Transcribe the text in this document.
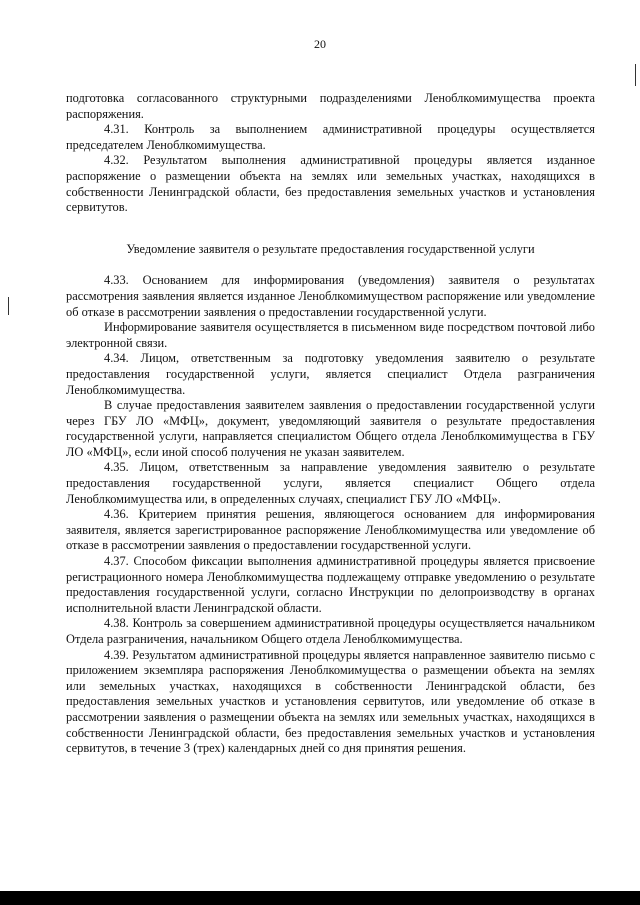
20

подготовка согласованного структурными подразделениями Леноблкомимущества проекта распоряжения.

4.31. Контроль за выполнением административной процедуры осуществляется председателем Леноблкомимущества.

4.32. Результатом выполнения административной процедуры является изданное распоряжение о размещении объекта на землях или земельных участках, находящихся в собственности Ленинградской области, без предоставления земельных участков и установления сервитутов.

Уведомление заявителя о результате предоставления государственной услуги

4.33. Основанием для информирования (уведомления) заявителя о результатах рассмотрения заявления является изданное Леноблкомимуществом распоряжение или уведомление об отказе в рассмотрении заявления о предоставлении государственной услуги.

Информирование заявителя осуществляется в письменном виде посредством почтовой либо электронной связи.

4.34. Лицом, ответственным за подготовку уведомления заявителю о результате предоставления государственной услуги, является специалист Отдела разграничения Леноблкомимущества.

В случае предоставления заявителем заявления о предоставлении государственной услуги через ГБУ ЛО «МФЦ», документ, уведомляющий заявителя о результате предоставления государственной услуги, направляется специалистом Общего отдела Леноблкомимущества в ГБУ ЛО «МФЦ», если иной способ получения не указан заявителем.

4.35. Лицом, ответственным за направление уведомления заявителю о результате предоставления государственной услуги, является специалист Общего отдела Леноблкомимущества или, в определенных случаях, специалист ГБУ ЛО «МФЦ».

4.36. Критерием принятия решения, являющегося основанием для информирования заявителя, является зарегистрированное распоряжение Леноблкомимущества или уведомление об отказе в рассмотрении заявления о предоставлении государственной услуги.

4.37. Способом фиксации выполнения административной процедуры является присвоение регистрационного номера Леноблкомимущества подлежащему отправке уведомлению о результате предоставления государственной услуги, согласно Инструкции по делопроизводству в органах исполнительной власти Ленинградской области.

4.38. Контроль за совершением административной процедуры осуществляется начальником Отдела разграничения, начальником Общего отдела Леноблкомимущества.

4.39. Результатом административной процедуры является направленное заявителю письмо с приложением экземпляра распоряжения Леноблкомимущества о размещении объекта на землях или земельных участках, находящихся в собственности Ленинградской области, без предоставления земельных участков и установления сервитутов, или уведомление об отказе в рассмотрении заявления о размещении объекта на землях или земельных участках, находящихся в собственности Ленинградской области, без предоставления земельных участков и установления сервитутов, в течение 3 (трех) календарных дней со дня принятия решения.
